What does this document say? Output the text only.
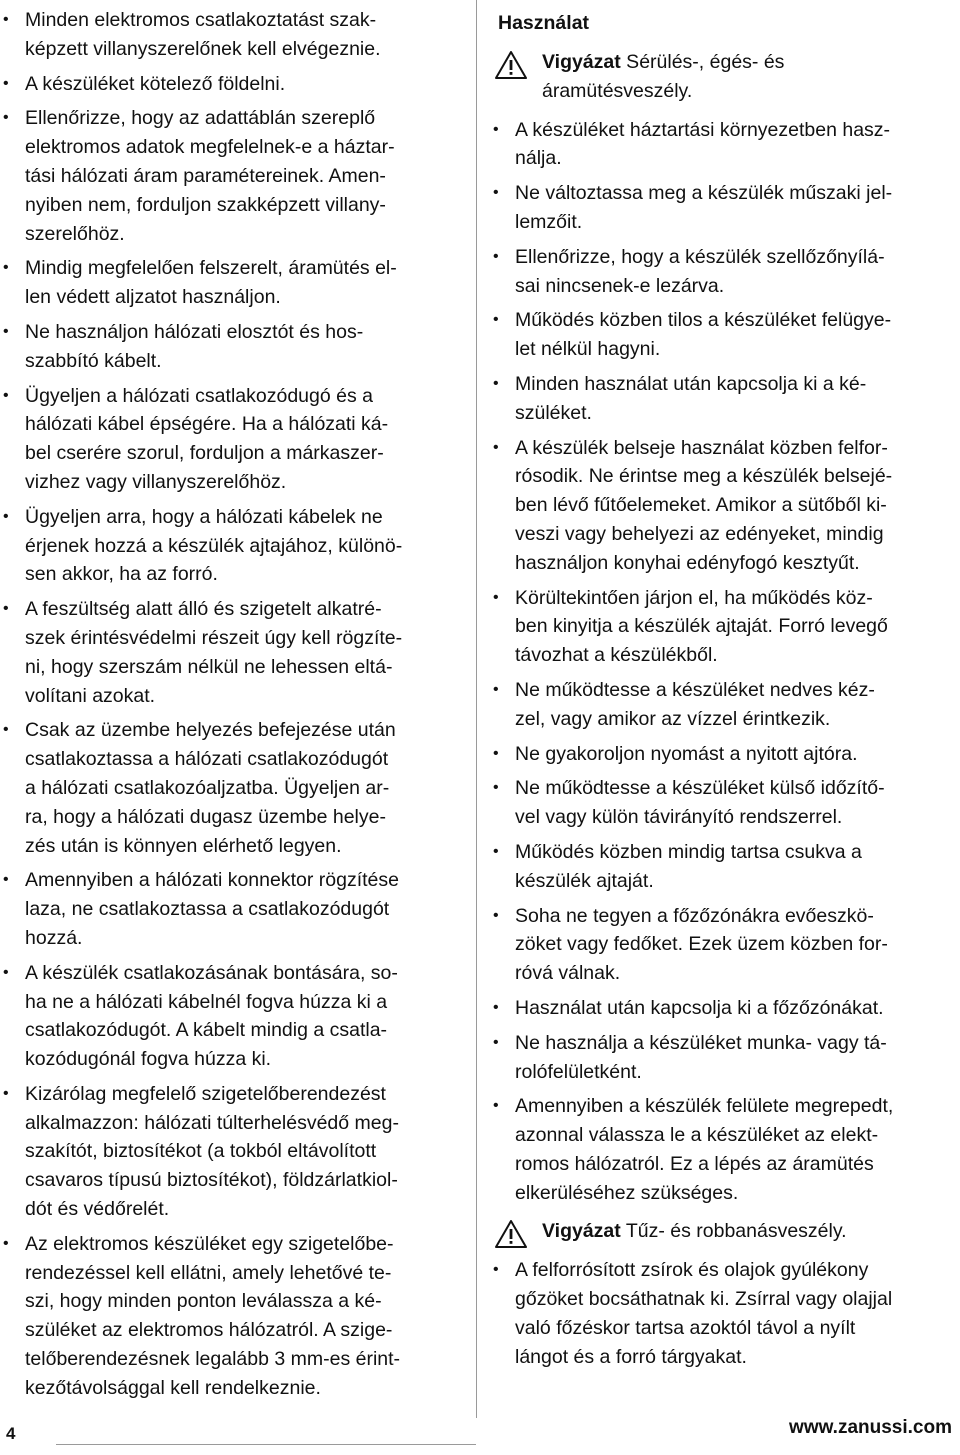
• Minden elektromos csatlakoztatást szak-
képzett villanyszerelőnek kell elvégeznie.
• A készüléket kötelező földelni.
• Ellenőrizze, hogy az adattáblán szereplő
elektromos adatok megfelelnek-e a háztar-
tási hálózati áram paramétereinek. Amen-
nyiben nem, forduljon szakképzett villany-
szerelőhöz.
• Mindig megfelelően felszerelt, áramütés el-
len védett aljzatot használjon.
• Ne használjon hálózati elosztót és hos-
szabbító kábelt.
• Ügyeljen a hálózati csatlakozódugó és a
hálózati kábel épségére. Ha a hálózati ká-
bel cserére szorul, forduljon a márkaszer-
vizhez vagy villanyszerelőhöz.
• Ügyeljen arra, hogy a hálózati kábelek ne
érjenek hozzá a készülék ajtajához, különö-
sen akkor, ha az forró.
• A feszültség alatt álló és szigetelt alkatré-
szek érintésvédelmi részeit úgy kell rögzíte-
ni, hogy szerszám nélkül ne lehessen eltá-
volítani azokat.
• Csak az üzembe helyezés befejezése után
csatlakoztassa a hálózati csatlakozódugót
a hálózati csatlakozóaljzatba. Ügyeljen ar-
ra, hogy a hálózati dugasz üzembe helye-
zés után is könnyen elérhető legyen.
• Amennyiben a hálózati konnektor rögzítése
laza, ne csatlakoztassa a csatlakozódugót
hozzá.
• A készülék csatlakozásának bontására, so-
ha ne a hálózati kábelnél fogva húzza ki a
csatlakozódugót. A kábelt mindig a csatla-
kozódugónál fogva húzza ki.
• Kizárólag megfelelő szigetelőberendezést
alkalmazzon: hálózati túlterhelésvédő meg-
szakítót, biztosítékot (a tokból eltávolított
csavaros típusú biztosítékot), földzárlatkiol-
dót és védőrelét.
• Az elektromos készüléket egy szigetelőbe-
rendezéssel kell ellátni, amely lehetővé te-
szi, hogy minden ponton leválassza a ké-
szüléket az elektromos hálózatról. A szige-
telőberendezésnek legalább 3 mm-es érint-
kezőtávolsággal kell rendelkeznie.
Használat
Vigyázat Sérülés-, égés- és
áramütésveszély.
• A készüléket háztartási környezetben hasz-
nálja.
• Ne változtassa meg a készülék műszaki jel-
lemzőit.
• Ellenőrizze, hogy a készülék szellőzőnyílá-
sai nincsenek-e lezárva.
• Működés közben tilos a készüléket felügye-
let nélkül hagyni.
• Minden használat után kapcsolja ki a ké-
szüléket.
• A készülék belseje használat közben felfor-
rósodik. Ne érintse meg a készülék belsejé-
ben lévő fűtőelemeket. Amikor a sütőből ki-
veszi vagy behelyezi az edényeket, mindig
használjon konyhai edényfogó kesztyűt.
• Körültekintően járjon el, ha működés köz-
ben kinyitja a készülék ajtaját. Forró levegő
távozhat a készülékből.
• Ne működtesse a készüléket nedves kéz-
zel, vagy amikor az vízzel érintkezik.
• Ne gyakoroljon nyomást a nyitott ajtóra.
• Ne működtesse a készüléket külső időzítő-
vel vagy külön távirányító rendszerrel.
• Működés közben mindig tartsa csukva a
készülék ajtaját.
• Soha ne tegyen a főzőzónákra evőeszkö-
zöket vagy fedőket. Ezek üzem közben for-
róvá válnak.
• Használat után kapcsolja ki a főzőzónákat.
• Ne használja a készüléket munka- vagy tá-
rolófelületként.
• Amennyiben a készülék felülete megrepedt,
azonnal válassza le a készüléket az elekt-
romos hálózatról. Ez a lépés az áramütés
elkerüléséhez szükséges.
Vigyázat Tűz- és robbanásveszély.
• A felforrósított zsírok és olajok gyúlékony
gőzöket bocsáthatnak ki. Zsírral vagy olajjal
való főzéskor tartsa azoktól távol a nyílt
lángot és a forró tárgyakat.
4	www.zanussi.com
